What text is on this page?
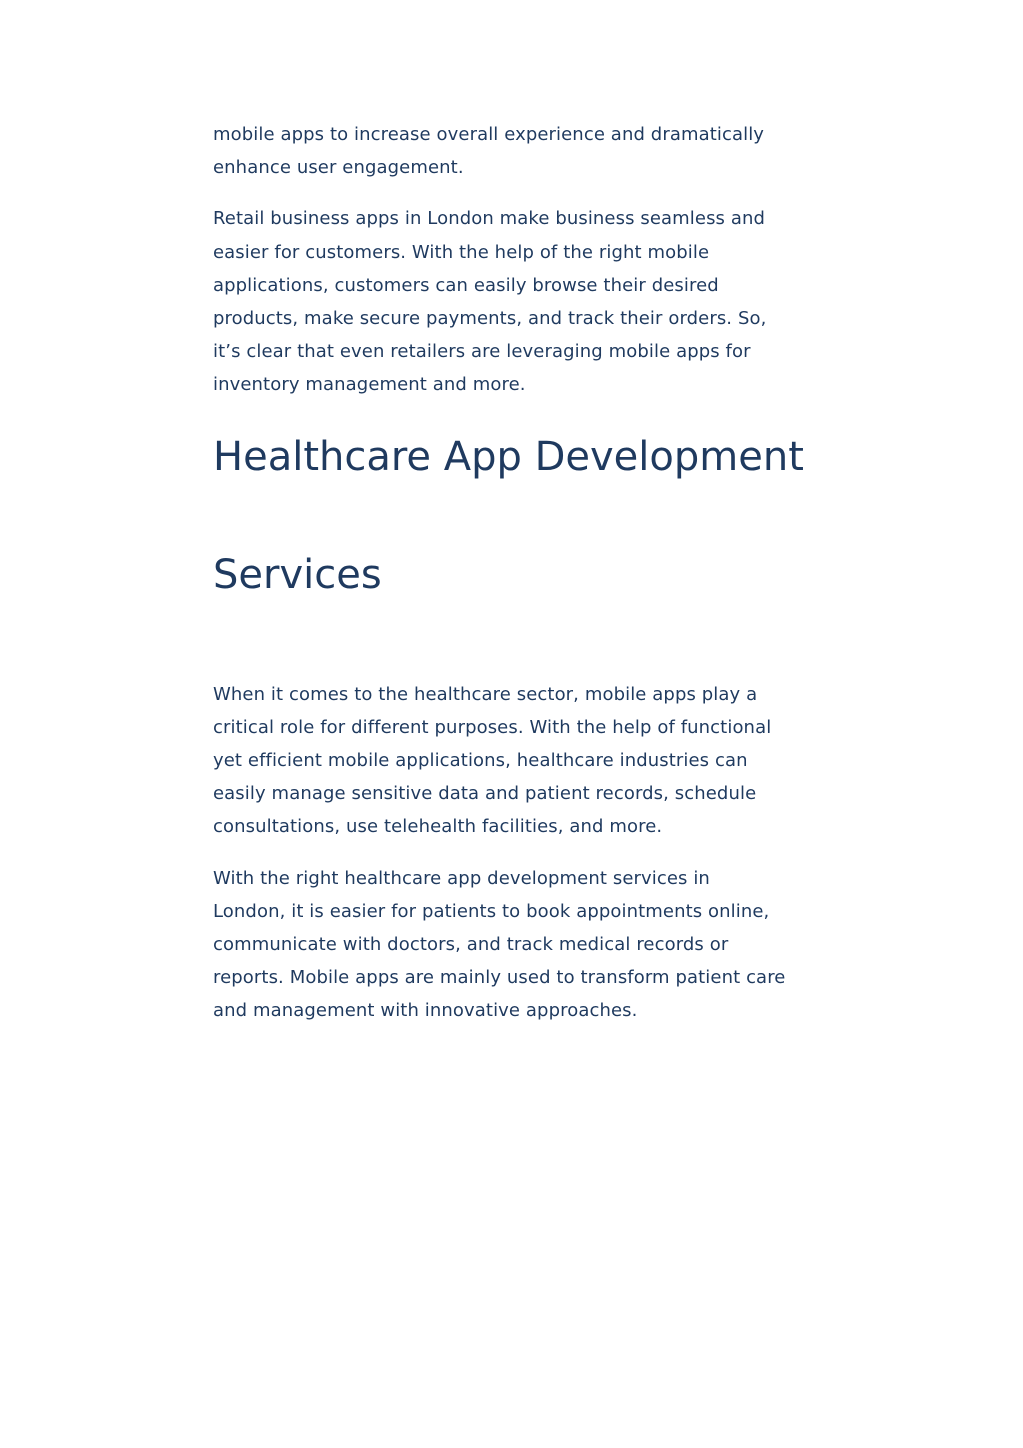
mobile apps to increase overall experience and dramatically
enhance user engagement.

Retail business apps in London make business seamless and
easier for customers. With the help of the right mobile
applications, customers can easily browse their desired
products, make secure payments, and track their orders. So,
it’s clear that even retailers are leveraging mobile apps for
inventory management and more.

Healthcare App Development
Services

When it comes to the healthcare sector, mobile apps play a
critical role for different purposes. With the help of functional
yet efficient mobile applications, healthcare industries can
easily manage sensitive data and patient records, schedule
consultations, use telehealth facilities, and more.

With the right healthcare app development services in
London, it is easier for patients to book appointments online,
communicate with doctors, and track medical records or
reports. Mobile apps are mainly used to transform patient care
and management with innovative approaches.
